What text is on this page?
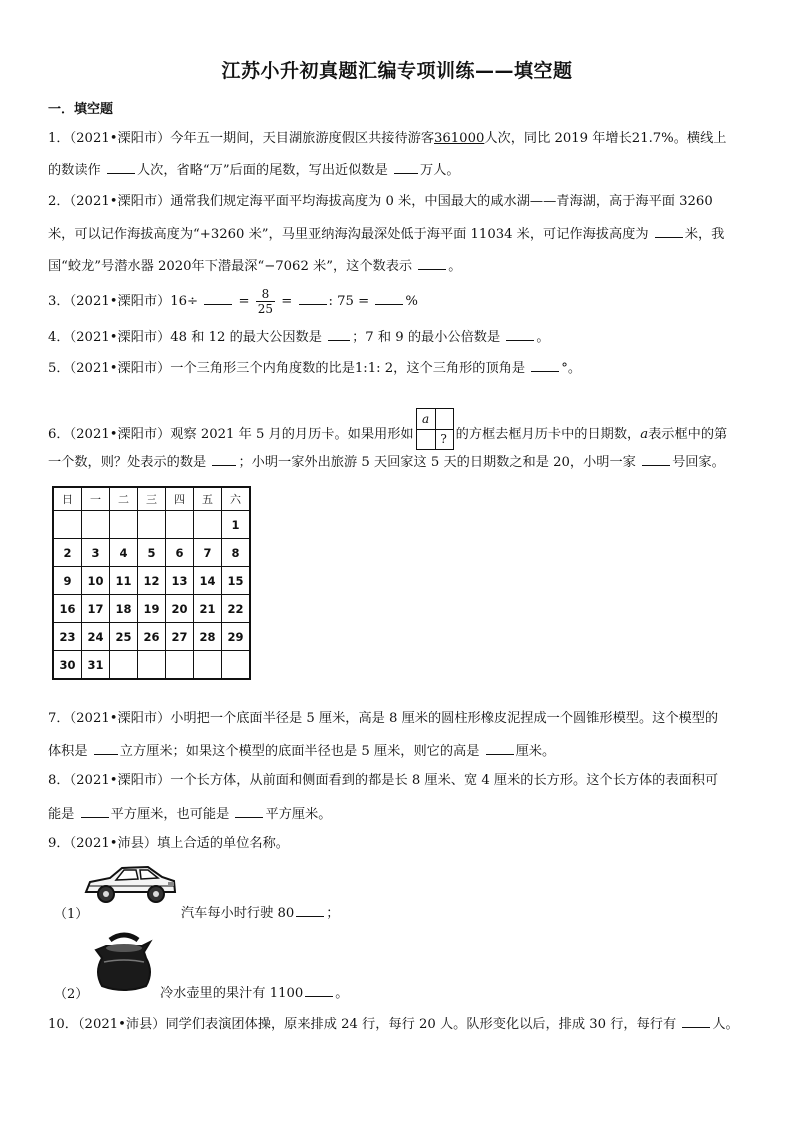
江苏小升初真题汇编专项训练——填空题
一．填空题
1．（2021•溧阳市）今年五一期间，天目湖旅游度假区共接待游客361000人次，同比 2019 年增长21.7%。横线上
的数读作	人次，省略“万”后面的尾数，写出近似数是 万人。
2．（2021•溧阳市）通常我们规定海平面平均海拔高度为 0 米，中国最大的咸水湖——青海湖，高于海平面 3260
米，可以记作海拔高度为“+3260 米”，马里亚纳海沟最深处低于海平面 11034 米，可记作海拔高度为	米，我
国“蛟龙”号潜水器 2020年下潜最深“−7062 米”，这个数表示	。
3．（2021•溧阳市）16÷	= $\frac{8}{25}$ =	: 75 =	%
4．（2021•溧阳市）48 和 12 的最大公因数是 ；7 和 9 的最小公倍数是	。
5．（2021•溧阳市）一个三角形三个内角度数的比是1:1: 2，这个三角形的顶角是	°。
6．（2021•溧阳市）观察 2021 年 5 月的月历卡。如果用形如
a
? 的方框去框月历卡中的日期数，a表示框中的第
一个数，则？处表示的数是 ；小明一家外出旅游 5 天回家这 5 天的日期数之和是 20，小明一家	号回家。
日	一	二	三	四	五	六
						1
2	3	4	5	6	7	8
9	10	11	12	13	14	15
16	17	18	19	20	21	22
23	24	25	26	27	28	29
30	31					
7．（2021•溧阳市）小明把一个底面半径是 5 厘米，高是 8 厘米的圆柱形橡皮泥捏成一个圆锥形模型。这个模型的
体积是 立方厘米；如果这个模型的底面半径也是 5 厘米，则它的高是	厘米。
8．（2021•溧阳市）一个长方体，从前面和侧面看到的都是长 8 厘米、宽 4 厘米的长方形。这个长方体的表面积可
能是	平方厘米，也可能是	平方厘米。
9．（2021•沛县）填上合适的单位名称。
（1）	汽车每小时行驶 80 ；
（2）	冷水壶里的果汁有 1100 。
10．（2021•沛县）同学们表演团体操，原来排成 24 行，每行 20 人。队形变化以后，排成 30 行，每行有	人。
